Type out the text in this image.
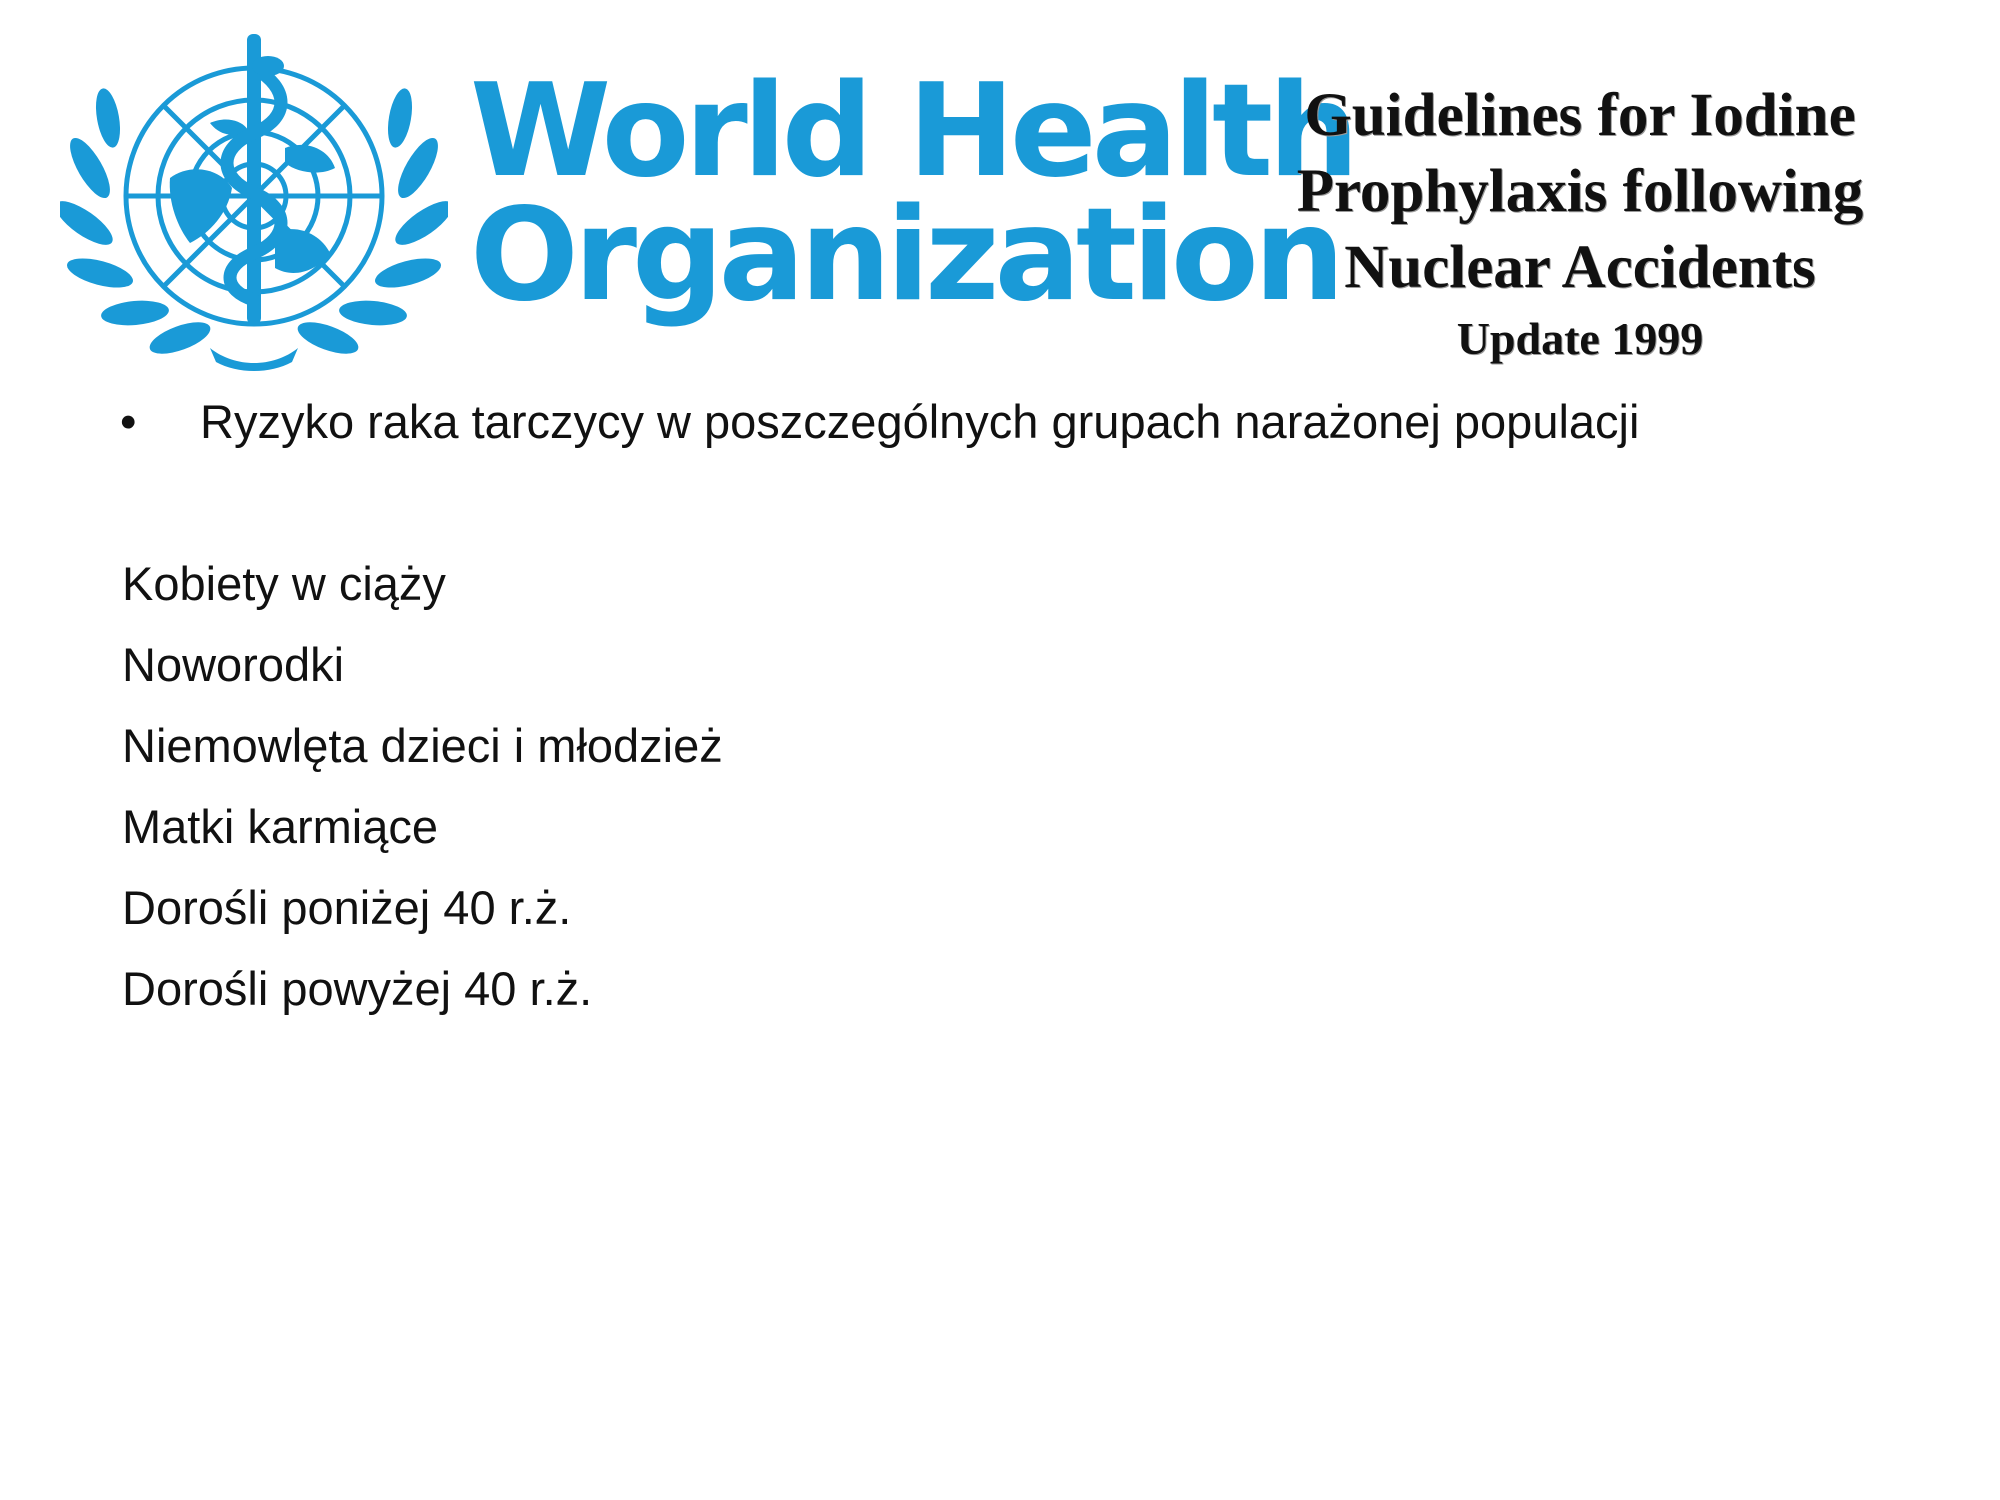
World Health
Organization
Guidelines for Iodine
Prophylaxis following
Nuclear Accidents
Update 1999
• Ryzyko raka tarczycy w poszczególnych grupach narażonej populacji
Kobiety w ciąży
Noworodki
Niemowlęta dzieci i młodzież
Matki karmiące
Dorośli poniżej 40 r.ż.
Dorośli powyżej 40 r.ż.
